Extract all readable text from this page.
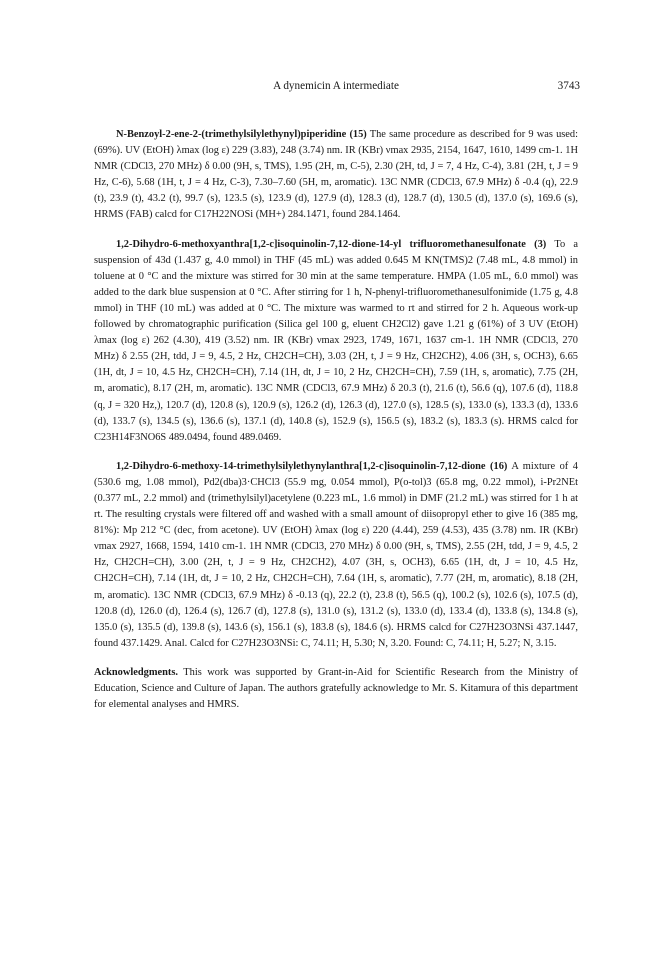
A dynemicin A intermediate	3743

N-Benzoyl-2-ene-2-(trimethylsilylethynyl)piperidine (15) The same procedure as described for 9 was used: (69%). UV (EtOH) λmax (log ε) 229 (3.83), 248 (3.74) nm. IR (KBr) νmax 2935, 2154, 1647, 1610, 1499 cm-1. 1H NMR (CDCl3, 270 MHz) δ 0.00 (9H, s, TMS), 1.95 (2H, m, C-5), 2.30 (2H, td, J = 7, 4 Hz, C-4), 3.81 (2H, t, J = 9 Hz, C-6), 5.68 (1H, t, J = 4 Hz, C-3), 7.30–7.60 (5H, m, aromatic). 13C NMR (CDCl3, 67.9 MHz) δ -0.4 (q), 22.9 (t), 23.9 (t), 43.2 (t), 99.7 (s), 123.5 (s), 123.9 (d), 127.9 (d), 128.3 (d), 128.7 (d), 130.5 (d), 137.0 (s), 169.6 (s), HRMS (FAB) calcd for C17H22NOSi (MH+) 284.1471, found 284.1464.

1,2-Dihydro-6-methoxyanthra[1,2-c]isoquinolin-7,12-dione-14-yl trifluoromethanesulfonate (3) To a suspension of 43d (1.437 g, 4.0 mmol) in THF (45 mL) was added 0.645 M KN(TMS)2 (7.48 mL, 4.8 mmol) in toluene at 0 °C and the mixture was stirred for 30 min at the same temperature. HMPA (1.05 mL, 6.0 mmol) was added to the dark blue suspension at 0 °C. After stirring for 1 h, N-phenyl-trifluoromethanesulfonimide (1.75 g, 4.8 mmol) in THF (10 mL) was added at 0 °C. The mixture was warmed to rt and stirred for 2 h. Aqueous work-up followed by chromatographic purification (Silica gel 100 g, eluent CH2Cl2) gave 1.21 g (61%) of 3 UV (EtOH) λmax (log ε) 262 (4.30), 419 (3.52) nm. IR (KBr) νmax 2923, 1749, 1671, 1637 cm-1. 1H NMR (CDCl3, 270 MHz) δ 2.55 (2H, tdd, J = 9, 4.5, 2 Hz, CH2CH=CH), 3.03 (2H, t, J = 9 Hz, CH2CH2), 4.06 (3H, s, OCH3), 6.65 (1H, dt, J = 10, 4.5 Hz, CH2CH=CH), 7.14 (1H, dt, J = 10, 2 Hz, CH2CH=CH), 7.59 (1H, s, aromatic), 7.75 (2H, m, aromatic), 8.17 (2H, m, aromatic). 13C NMR (CDCl3, 67.9 MHz) δ 20.3 (t), 21.6 (t), 56.6 (q), 107.6 (d), 118.8 (q, J = 320 Hz,), 120.7 (d), 120.8 (s), 120.9 (s), 126.2 (d), 126.3 (d), 127.0 (s), 128.5 (s), 133.0 (s), 133.3 (d), 133.6 (d), 133.7 (s), 134.5 (s), 136.6 (s), 137.1 (d), 140.8 (s), 152.9 (s), 156.5 (s), 183.2 (s), 183.3 (s). HRMS calcd for C23H14F3NO6S 489.0494, found 489.0469.

1,2-Dihydro-6-methoxy-14-trimethylsilylethynylanthra[1,2-c]isoquinolin-7,12-dione (16) A mixture of 4 (530.6 mg, 1.08 mmol), Pd2(dba)3·CHCl3 (55.9 mg, 0.054 mmol), P(o-tol)3 (65.8 mg, 0.22 mmol), i-Pr2NEt (0.377 mL, 2.2 mmol) and (trimethylsilyl)acetylene (0.223 mL, 1.6 mmol) in DMF (21.2 mL) was stirred for 1 h at rt. The resulting crystals were filtered off and washed with a small amount of diisopropyl ether to give 16 (385 mg, 81%): Mp 212 °C (dec, from acetone). UV (EtOH) λmax (log ε) 220 (4.44), 259 (4.53), 435 (3.78) nm. IR (KBr) νmax 2927, 1668, 1594, 1410 cm-1. 1H NMR (CDCl3, 270 MHz) δ 0.00 (9H, s, TMS), 2.55 (2H, tdd, J = 9, 4.5, 2 Hz, CH2CH=CH), 3.00 (2H, t, J = 9 Hz, CH2CH2), 4.07 (3H, s, OCH3), 6.65 (1H, dt, J = 10, 4.5 Hz, CH2CH=CH), 7.14 (1H, dt, J = 10, 2 Hz, CH2CH=CH), 7.64 (1H, s, aromatic), 7.77 (2H, m, aromatic), 8.18 (2H, m, aromatic). 13C NMR (CDCl3, 67.9 MHz) δ -0.13 (q), 22.2 (t), 23.8 (t), 56.5 (q), 100.2 (s), 102.6 (s), 107.5 (d), 120.8 (d), 126.0 (d), 126.4 (s), 126.7 (d), 127.8 (s), 131.0 (s), 131.2 (s), 133.0 (d), 133.4 (d), 133.8 (s), 134.8 (s), 135.0 (s), 135.5 (d), 139.8 (s), 143.6 (s), 156.1 (s), 183.8 (s), 184.6 (s). HRMS calcd for C27H23O3NSi 437.1447, found 437.1429. Anal. Calcd for C27H23O3NSi: C, 74.11; H, 5.30; N, 3.20. Found: C, 74.11; H, 5.27; N, 3.15.

Acknowledgments. This work was supported by Grant-in-Aid for Scientific Research from the Ministry of Education, Science and Culture of Japan. The authors gratefully acknowledge to Mr. S. Kitamura of this department for elemental analyses and HMRS.
